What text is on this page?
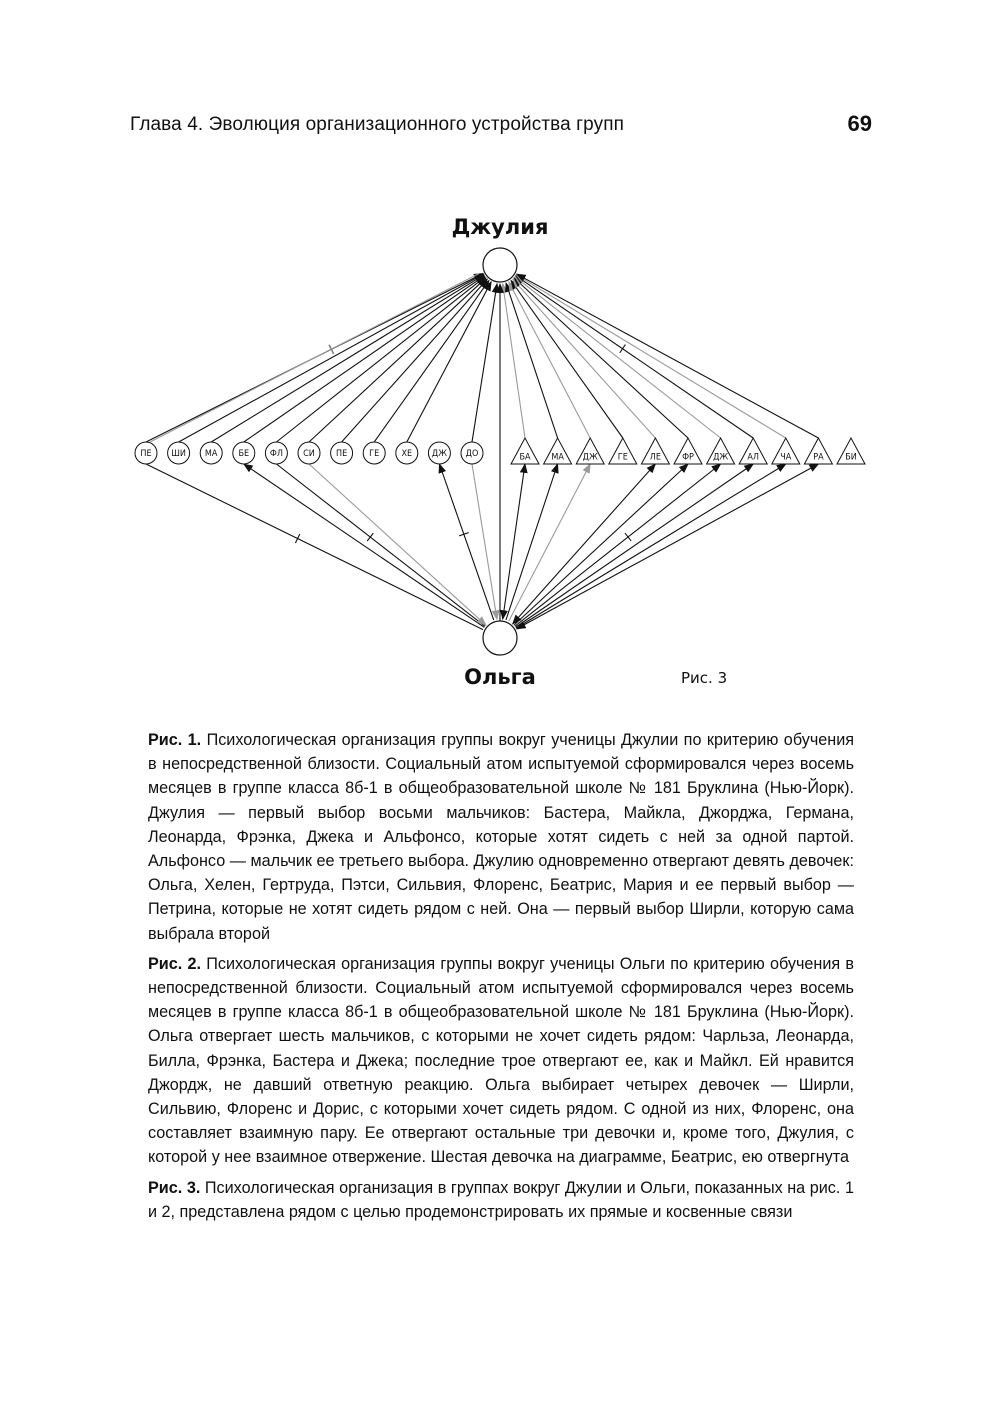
Глава 4. Эволюция организационного устройства групп	69
Джулия
Ольга	Рис. 3
ПЕ ШИ МА БЕ ФЛ СИ ПЕ ГЕ ХЕ ДЖ ДО	БА МА ДЖ ГЕ ЛЕ ФР ДЖ АЛ ЧА РА БИ

Рис. 1. Психологическая организация группы вокруг ученицы Джулии по критерию обучения в непосредственной близости. Социальный атом испытуемой сформировался через восемь месяцев в группе класса 8б-1 в общеобразовательной школе № 181 Бруклина (Нью-Йорк). Джулия — первый выбор восьми мальчиков: Бастера, Майкла, Джорджа, Германа, Леонарда, Фрэнка, Джека и Альфонсо, которые хотят сидеть с ней за одной партой. Альфонсо — мальчик ее третьего выбора. Джулию одновременно отвергают девять девочек: Ольга, Хелен, Гертруда, Пэтси, Сильвия, Флоренс, Беатрис, Мария и ее первый выбор — Петрина, которые не хотят сидеть рядом с ней. Она — первый выбор Ширли, которую сама выбрала второй

Рис. 2. Психологическая организация группы вокруг ученицы Ольги по критерию обучения в непосредственной близости. Социальный атом испытуемой сформировался через восемь месяцев в группе класса 8б-1 в общеобразовательной школе № 181 Бруклина (Нью-Йорк). Ольга отвергает шесть мальчиков, с которыми не хочет сидеть рядом: Чарльза, Леонарда, Билла, Фрэнка, Бастера и Джека; последние трое отвергают ее, как и Майкл. Ей нравится Джордж, не давший ответную реакцию. Ольга выбирает четырех девочек — Ширли, Сильвию, Флоренс и Дорис, с которыми хочет сидеть рядом. С одной из них, Флоренс, она составляет взаимную пару. Ее отвергают остальные три девочки и, кроме того, Джулия, с которой у нее взаимное отвержение. Шестая девочка на диаграмме, Беатрис, ею отвергнута

Рис. 3. Психологическая организация в группах вокруг Джулии и Ольги, показанных на рис. 1 и 2, представлена рядом с целью продемонстрировать их прямые и косвенные связи
